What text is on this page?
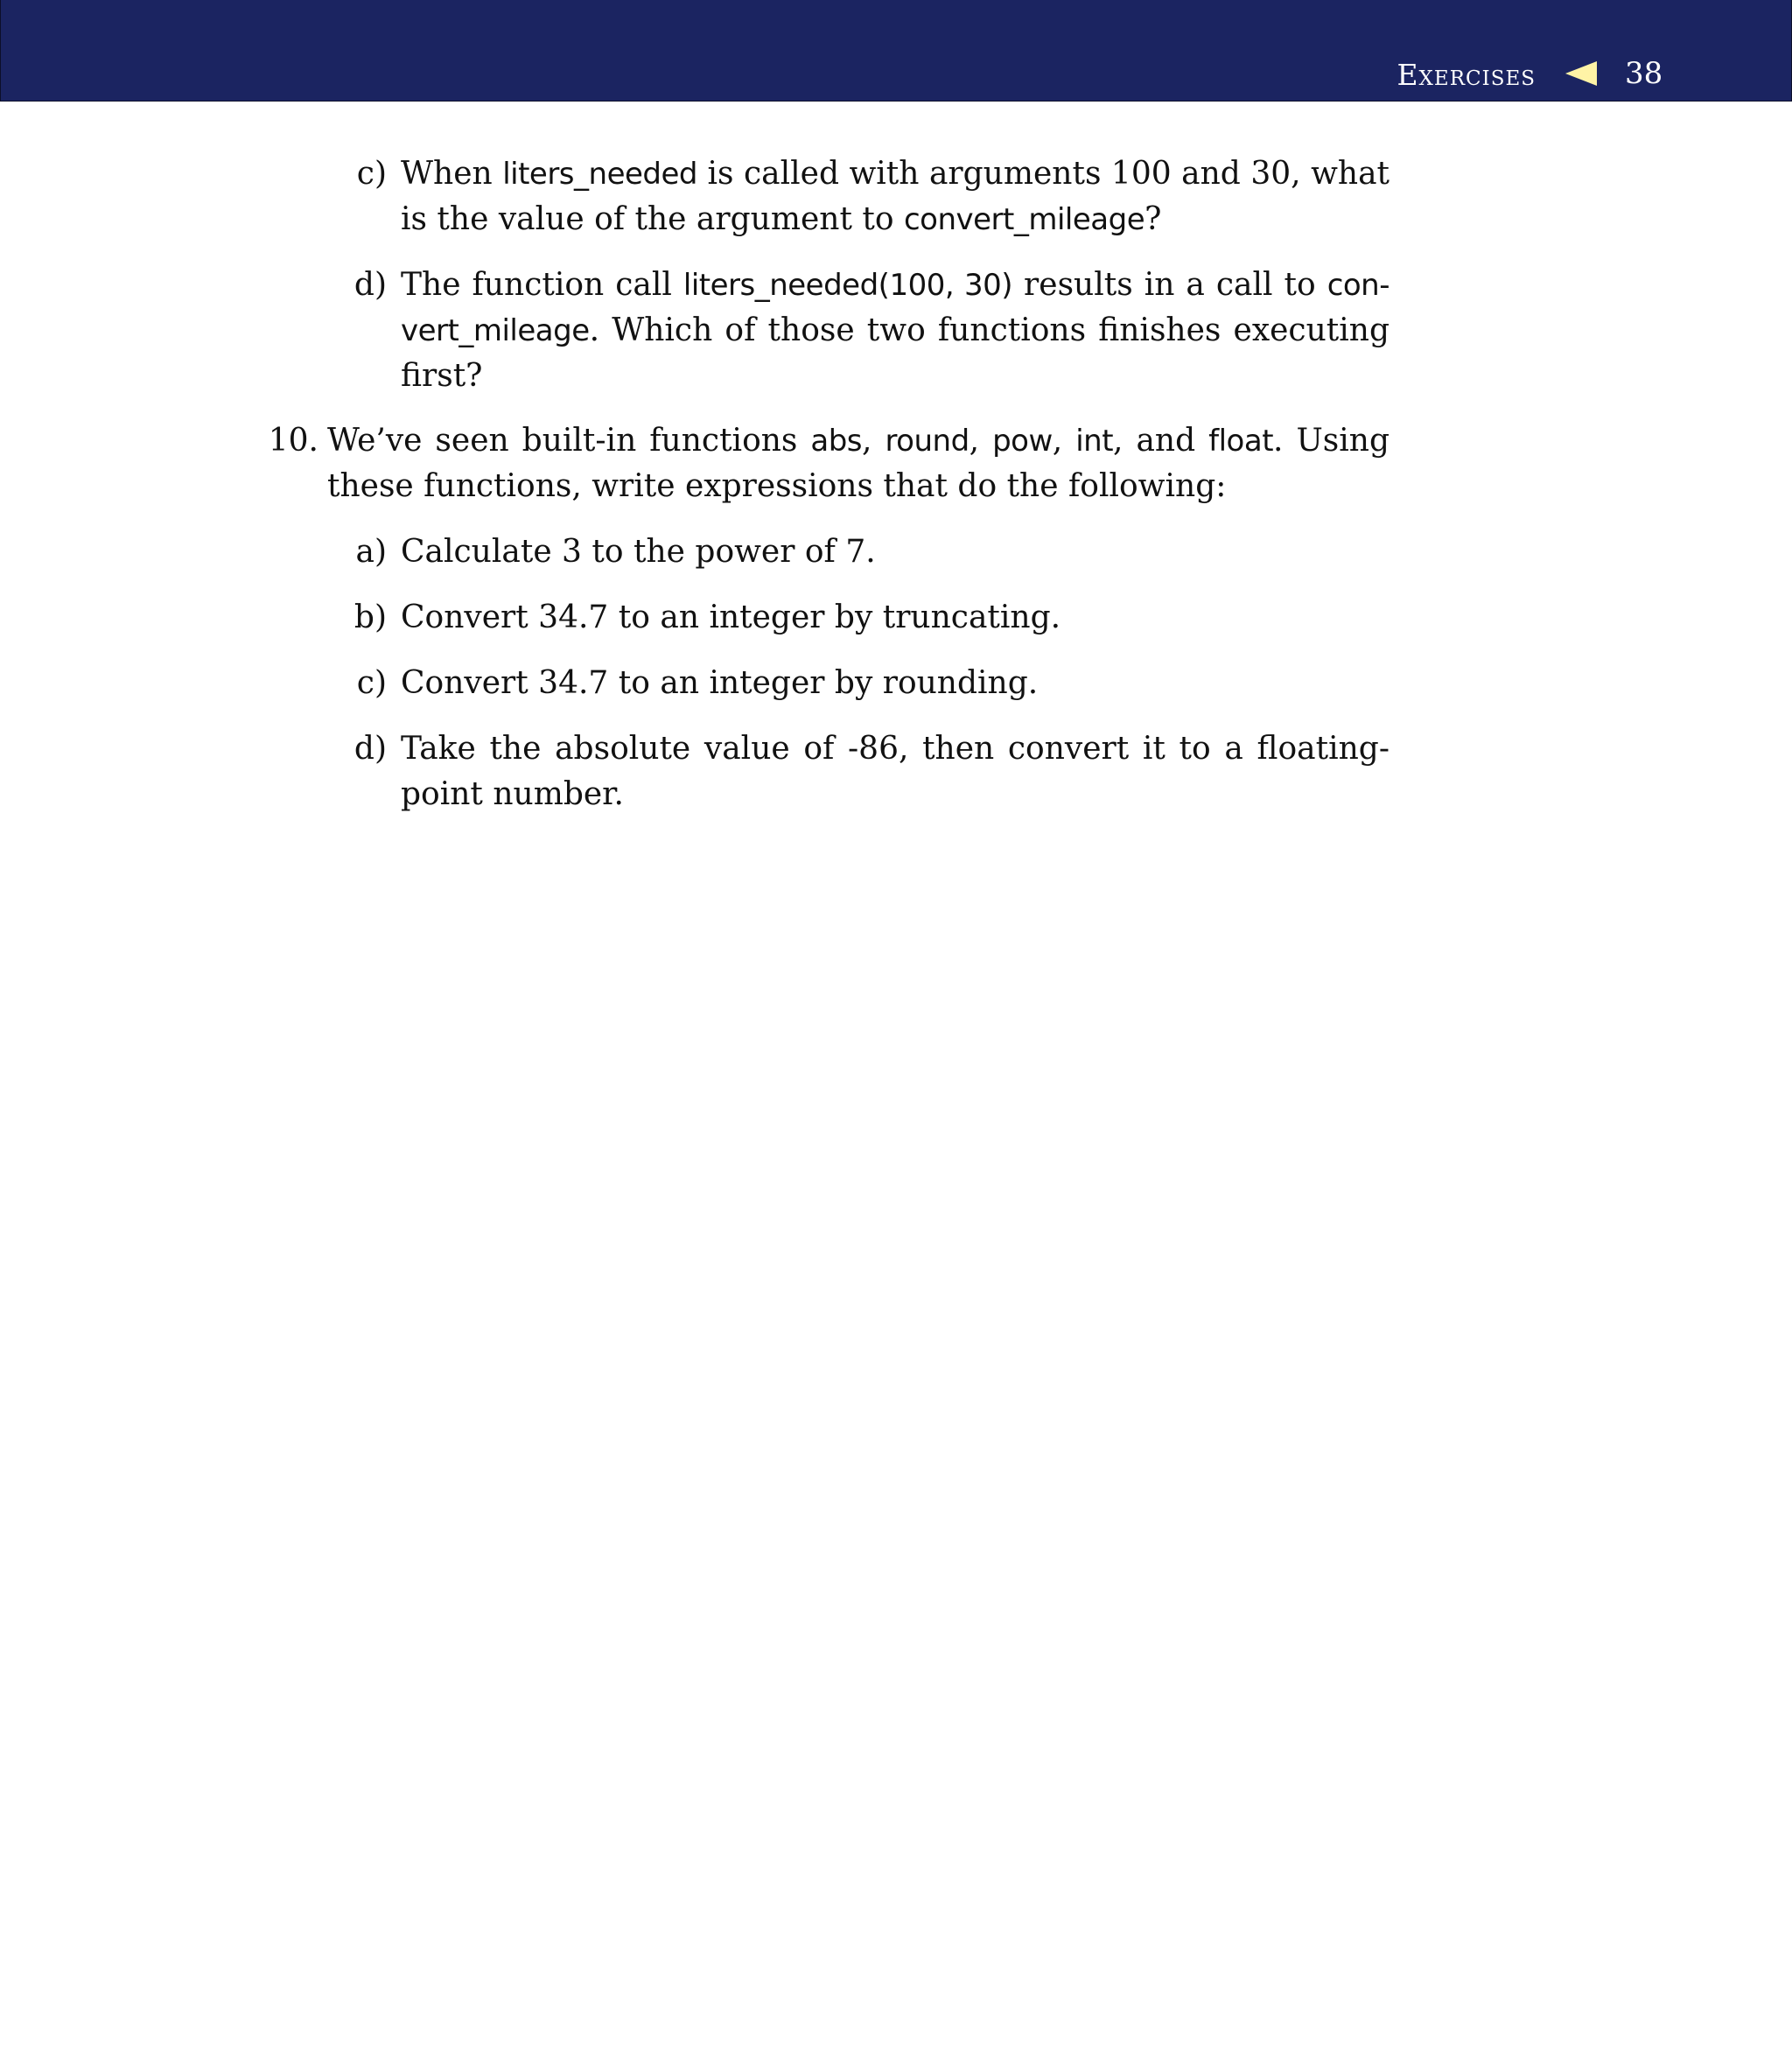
Exercises	38
c) When liters_needed is called with arguments 100 and 30, what is the value of the argument to convert_mileage?
d) The function call liters_needed(100, 30) results in a call to con-vert_mileage. Which of those two functions finishes executing first?
10. We’ve seen built-in functions abs, round, pow, int, and float. Using these functions, write expressions that do the following:
a) Calculate 3 to the power of 7.
b) Convert 34.7 to an integer by truncating.
c) Convert 34.7 to an integer by rounding.
d) Take the absolute value of -86, then convert it to a floating-point number.
